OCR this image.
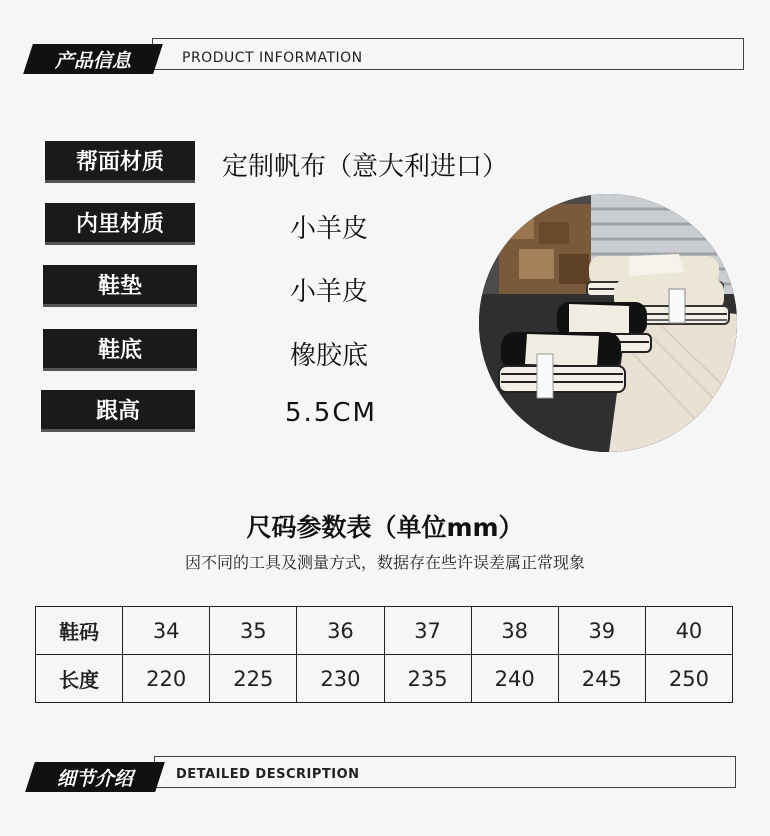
产品信息	PRODUCT INFORMATION
帮面材质	定制帆布（意大利进口）
内里材质	小羊皮
鞋垫	小羊皮
鞋底	橡胶底
跟高	5.5CM
尺码参数表（单位mm）
因不同的工具及测量方式，数据存在些许误差属正常现象
鞋码	34	35	36	37	38	39	40
长度	220	225	230	235	240	245	250
细节介绍	DETAILED DESCRIPTION
